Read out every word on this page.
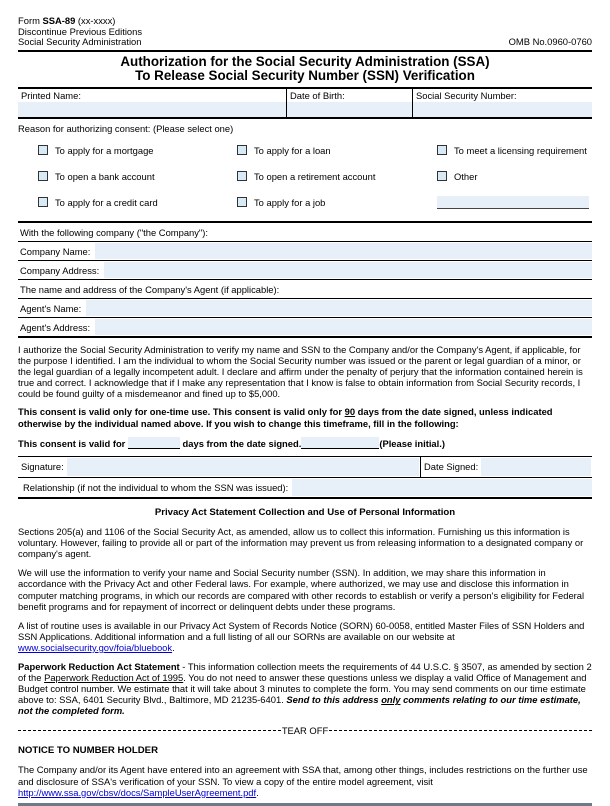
Form SSA-89 (xx-xxxx)
Discontinue Previous Editions
Social Security Administration	OMB No.0960-0760
Authorization for the Social Security Administration (SSA)
To Release Social Security Number (SSN) Verification
Printed Name:	Date of Birth:	Social Security Number:
Reason for authorizing consent: (Please select one)
To apply for a mortgage	To apply for a loan	To meet a licensing requirement
To open a bank account	To open a retirement account	Other
To apply for a credit card	To apply for a job
With the following company ("the Company"):
Company Name:
Company Address:
The name and address of the Company's Agent (if applicable):
Agent's Name:
Agent's Address:
I authorize the Social Security Administration to verify my name and SSN to the Company and/or the Company's Agent, if applicable, for the purpose I identified. I am the individual to whom the Social Security number was issued or the parent or legal guardian of a minor, or the legal guardian of a legally incompetent adult. I declare and affirm under the penalty of perjury that the information contained herein is true and correct. I acknowledge that if I make any representation that I know is false to obtain information from Social Security records, I could be found guilty of a misdemeanor and fined up to $5,000.
This consent is valid only for one-time use. This consent is valid only for 90 days from the date signed, unless indicated otherwise by the individual named above. If you wish to change this timeframe, fill in the following:
This consent is valid for	days from the date signed.	(Please initial.)
Signature:	Date Signed:
Relationship (if not the individual to whom the SSN was issued):
Privacy Act Statement Collection and Use of Personal Information
Sections 205(a) and 1106 of the Social Security Act, as amended, allow us to collect this information. Furnishing us this information is voluntary. However, failing to provide all or part of the information may prevent us from releasing information to a designated company or company's agent.
We will use the information to verify your name and Social Security number (SSN). In addition, we may share this information in accordance with the Privacy Act and other Federal laws. For example, where authorized, we may use and disclose this information in computer matching programs, in which our records are compared with other records to establish or verify a person's eligibility for Federal benefit programs and for repayment of incorrect or delinquent debts under these programs.
A list of routine uses is available in our Privacy Act System of Records Notice (SORN) 60-0058, entitled Master Files of SSN Holders and SSN Applications. Additional information and a full listing of all our SORNs are available on our website at www.socialsecurity.gov/foia/bluebook.
Paperwork Reduction Act Statement - This information collection meets the requirements of 44 U.S.C. § 3507, as amended by section 2 of the Paperwork Reduction Act of 1995. You do not need to answer these questions unless we display a valid Office of Management and Budget control number. We estimate that it will take about 3 minutes to complete the form. You may send comments on our time estimate above to: SSA, 6401 Security Blvd., Baltimore, MD 21235-6401. Send to this address only comments relating to our time estimate, not the completed form.
TEAR OFF
NOTICE TO NUMBER HOLDER
The Company and/or its Agent have entered into an agreement with SSA that, among other things, includes restrictions on the further use and disclosure of SSA's verification of your SSN. To view a copy of the entire model agreement, visit http://www.ssa.gov/cbsv/docs/SampleUserAgreement.pdf.
